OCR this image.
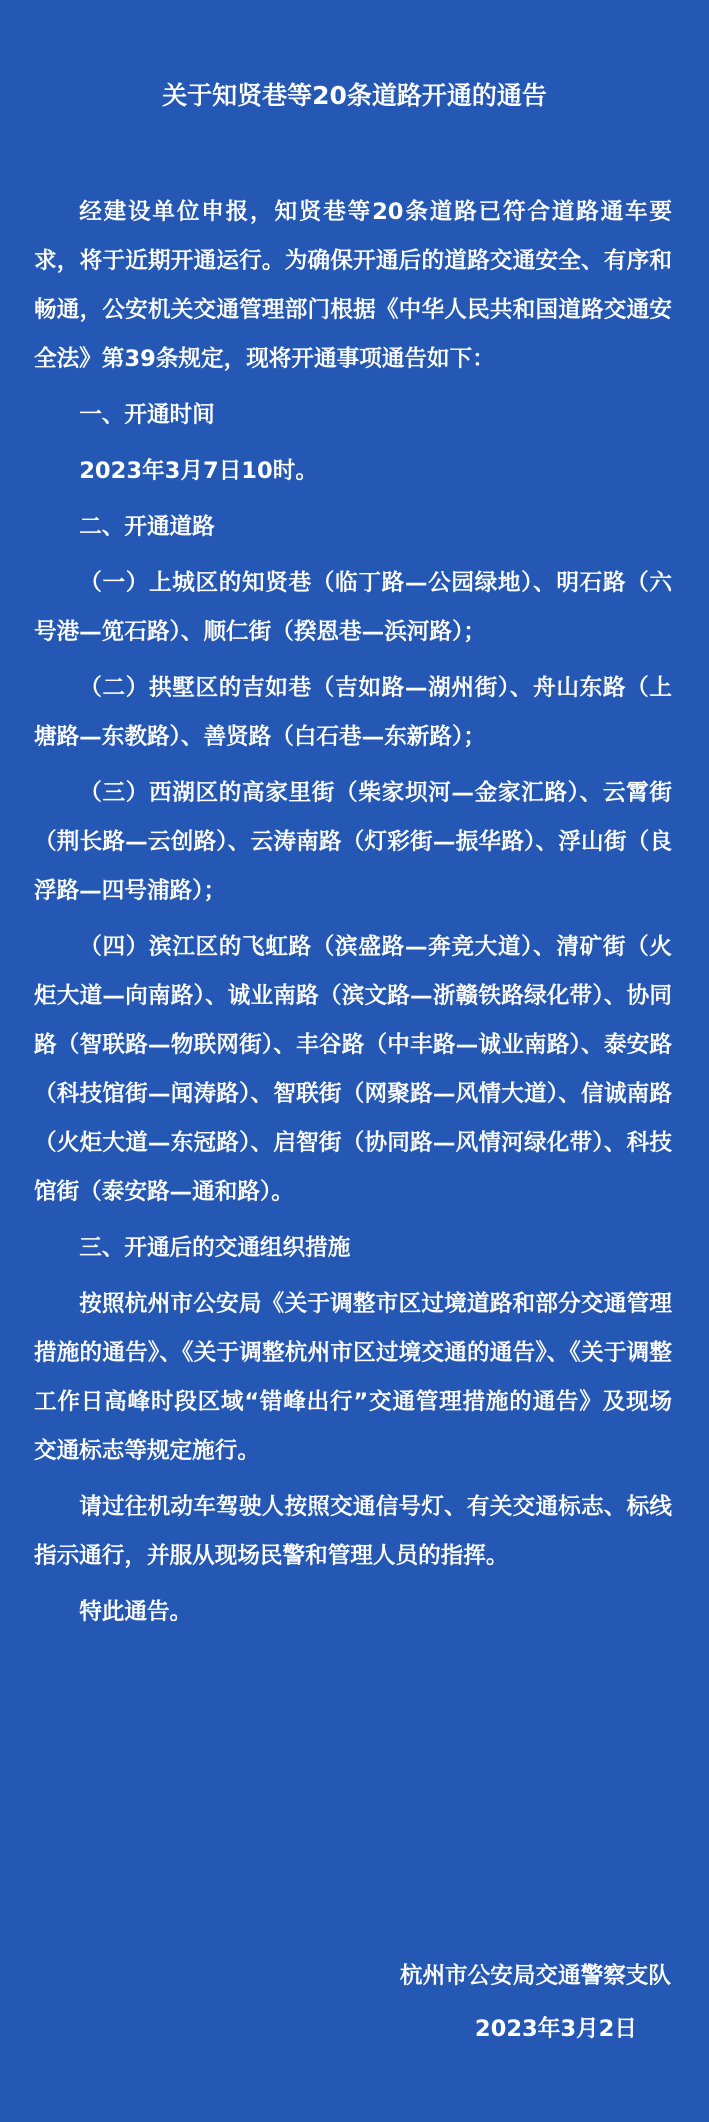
关于知贤巷等20条道路开通的通告

经建设单位申报，知贤巷等20条道路已符合道路通车要求，将于近期开通运行。为确保开通后的道路交通安全、有序和畅通，公安机关交通管理部门根据《中华人民共和国道路交通安全法》第39条规定，现将开通事项通告如下：

一、开通时间

2023年3月7日10时。

二、开通道路

（一）上城区的知贤巷（临丁路—公园绿地）、明石路（六号港—笕石路）、顺仁街（揆恩巷—浜河路）；

（二）拱墅区的吉如巷（吉如路—湖州街）、舟山东路（上塘路—东教路）、善贤路（白石巷—东新路）；

（三）西湖区的高家里街（柴家坝河—金家汇路）、云霄街（荆长路—云创路）、云涛南路（灯彩街—振华路）、浮山街（良浮路—四号浦路）；

（四）滨江区的飞虹路（滨盛路—奔竞大道）、清矿街（火炬大道—向南路）、诚业南路（滨文路—浙赣铁路绿化带）、协同路（智联路—物联网街）、丰谷路（中丰路—诚业南路）、泰安路（科技馆街—闻涛路）、智联街（网聚路—风情大道）、信诚南路（火炬大道—东冠路）、启智街（协同路—风情河绿化带）、科技馆街（泰安路—通和路）。

三、开通后的交通组织措施

按照杭州市公安局《关于调整市区过境道路和部分交通管理措施的通告》、《关于调整杭州市区过境交通的通告》、《关于调整工作日高峰时段区域“错峰出行”交通管理措施的通告》及现场交通标志等规定施行。

请过往机动车驾驶人按照交通信号灯、有关交通标志、标线指示通行，并服从现场民警和管理人员的指挥。

特此通告。

杭州市公安局交通警察支队
2023年3月2日
